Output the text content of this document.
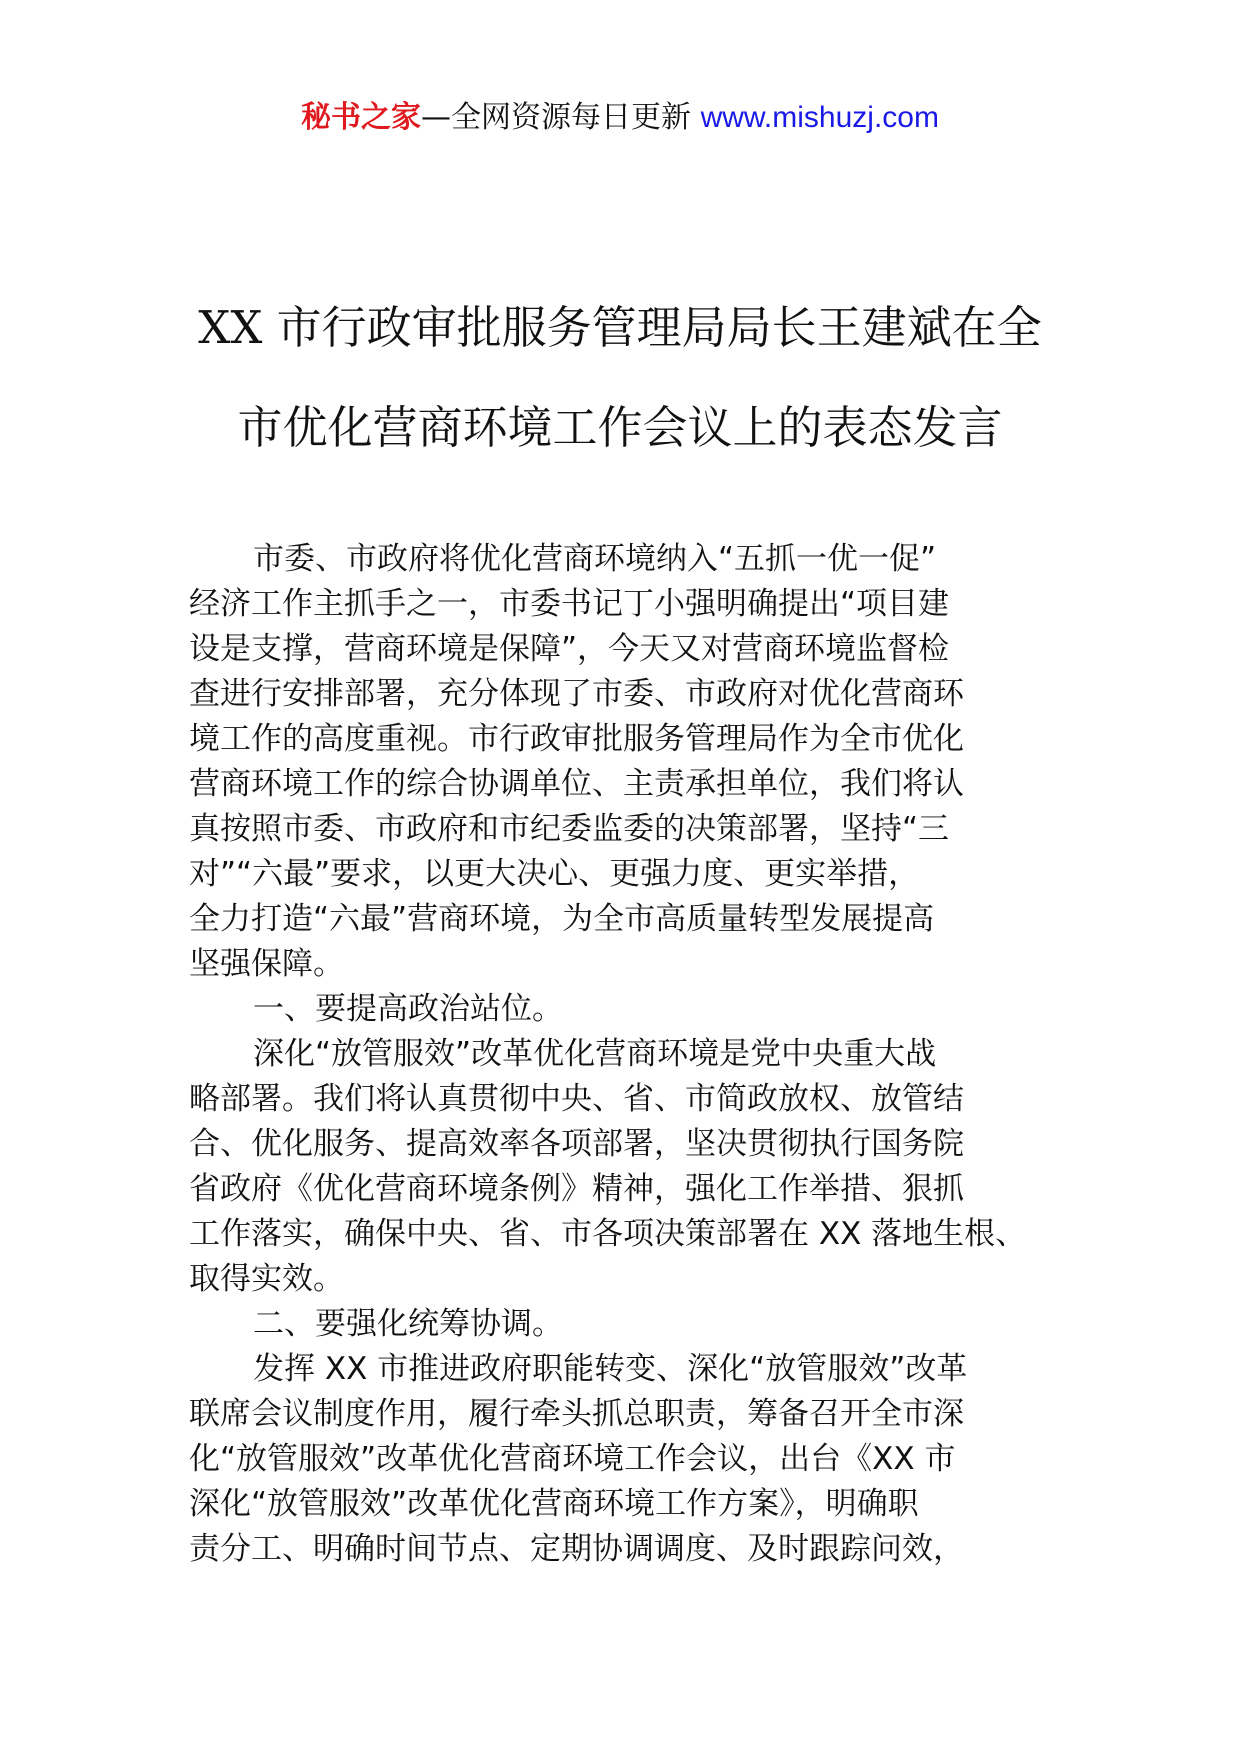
秘书之家—全网资源每日更新 www.mishuzj.com
XX 市行政审批服务管理局局长王建斌在全
市优化营商环境工作会议上的表态发言
市委、市政府将优化营商环境纳入“五抓一优一促”
经济工作主抓手之一，市委书记丁小强明确提出“项目建
设是支撑，营商环境是保障”，今天又对营商环境监督检
查进行安排部署，充分体现了市委、市政府对优化营商环
境工作的高度重视。市行政审批服务管理局作为全市优化
营商环境工作的综合协调单位、主责承担单位，我们将认
真按照市委、市政府和市纪委监委的决策部署，坚持“三
对”“六最”要求，以更大决心、更强力度、更实举措，
全力打造“六最”营商环境，为全市高质量转型发展提高
坚强保障。
一、要提高政治站位。
深化“放管服效”改革优化营商环境是党中央重大战
略部署。我们将认真贯彻中央、省、市简政放权、放管结
合、优化服务、提高效率各项部署，坚决贯彻执行国务院
省政府《优化营商环境条例》精神，强化工作举措、狠抓
工作落实，确保中央、省、市各项决策部署在 XX 落地生根、
取得实效。
二、要强化统筹协调。
发挥 XX 市推进政府职能转变、深化“放管服效”改革
联席会议制度作用，履行牵头抓总职责，筹备召开全市深
化“放管服效”改革优化营商环境工作会议，出台《XX 市
深化“放管服效”改革优化营商环境工作方案》，明确职
责分工、明确时间节点、定期协调调度、及时跟踪问效，
